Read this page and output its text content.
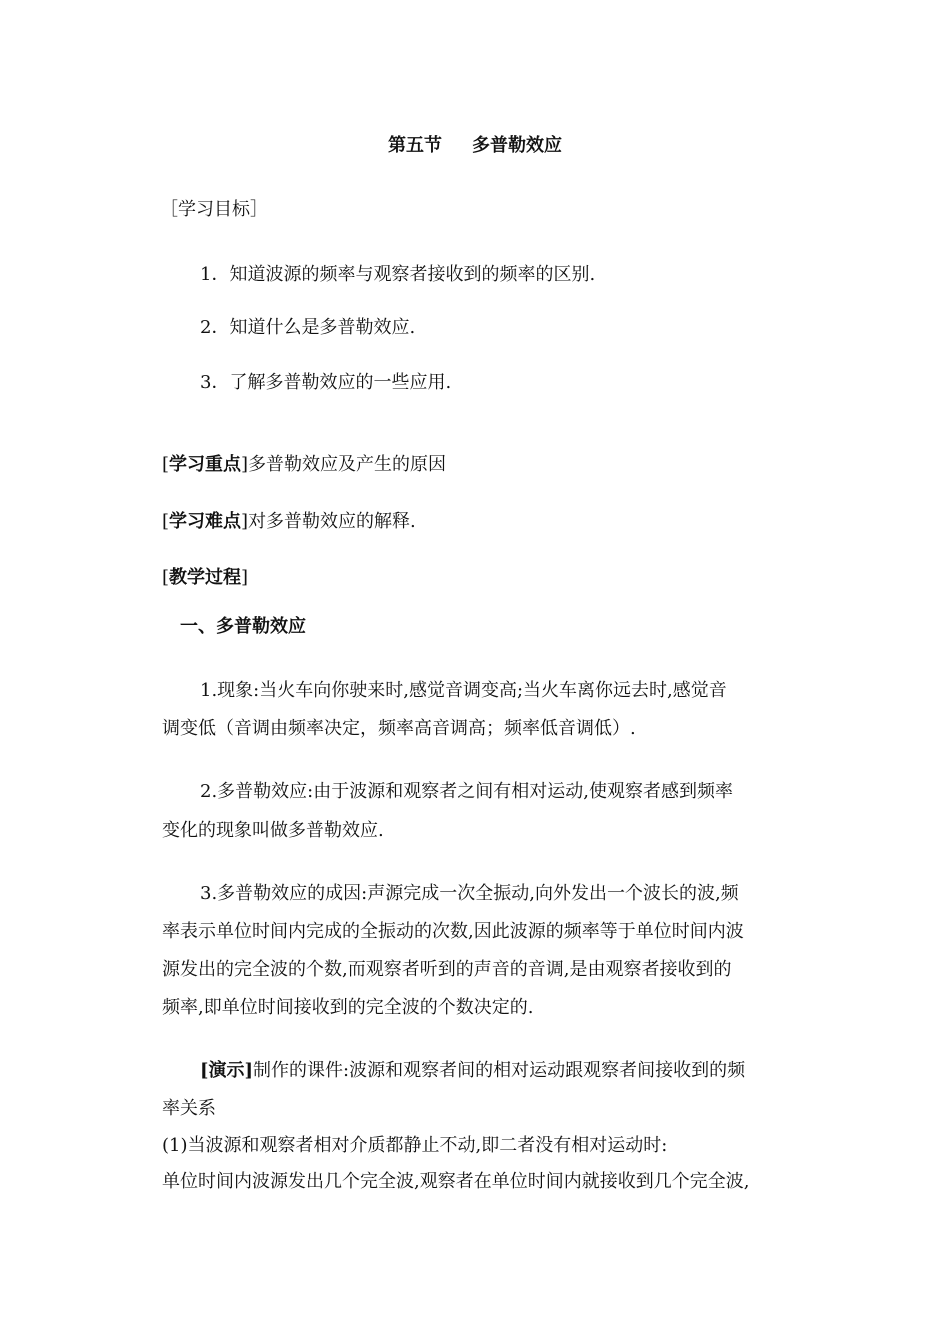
第五节 多普勒效应
［学习目标］
1．知道波源的频率与观察者接收到的频率的区别.
2．知道什么是多普勒效应.
3．了解多普勒效应的一些应用.
[学习重点]多普勒效应及产生的原因
[学习难点]对多普勒效应的解释.
[教学过程]
一、多普勒效应
1.现象:当火车向你驶来时,感觉音调变高;当火车离你远去时,感觉音
调变低（音调由频率决定，频率高音调高；频率低音调低）.
2.多普勒效应:由于波源和观察者之间有相对运动,使观察者感到频率
变化的现象叫做多普勒效应.
3.多普勒效应的成因:声源完成一次全振动,向外发出一个波长的波,频
率表示单位时间内完成的全振动的次数,因此波源的频率等于单位时间内波
源发出的完全波的个数,而观察者听到的声音的音调,是由观察者接收到的
频率,即单位时间接收到的完全波的个数决定的.
[演示]制作的课件:波源和观察者间的相对运动跟观察者间接收到的频
率关系
(1)当波源和观察者相对介质都静止不动,即二者没有相对运动时:
单位时间内波源发出几个完全波,观察者在单位时间内就接收到几个完全波,
